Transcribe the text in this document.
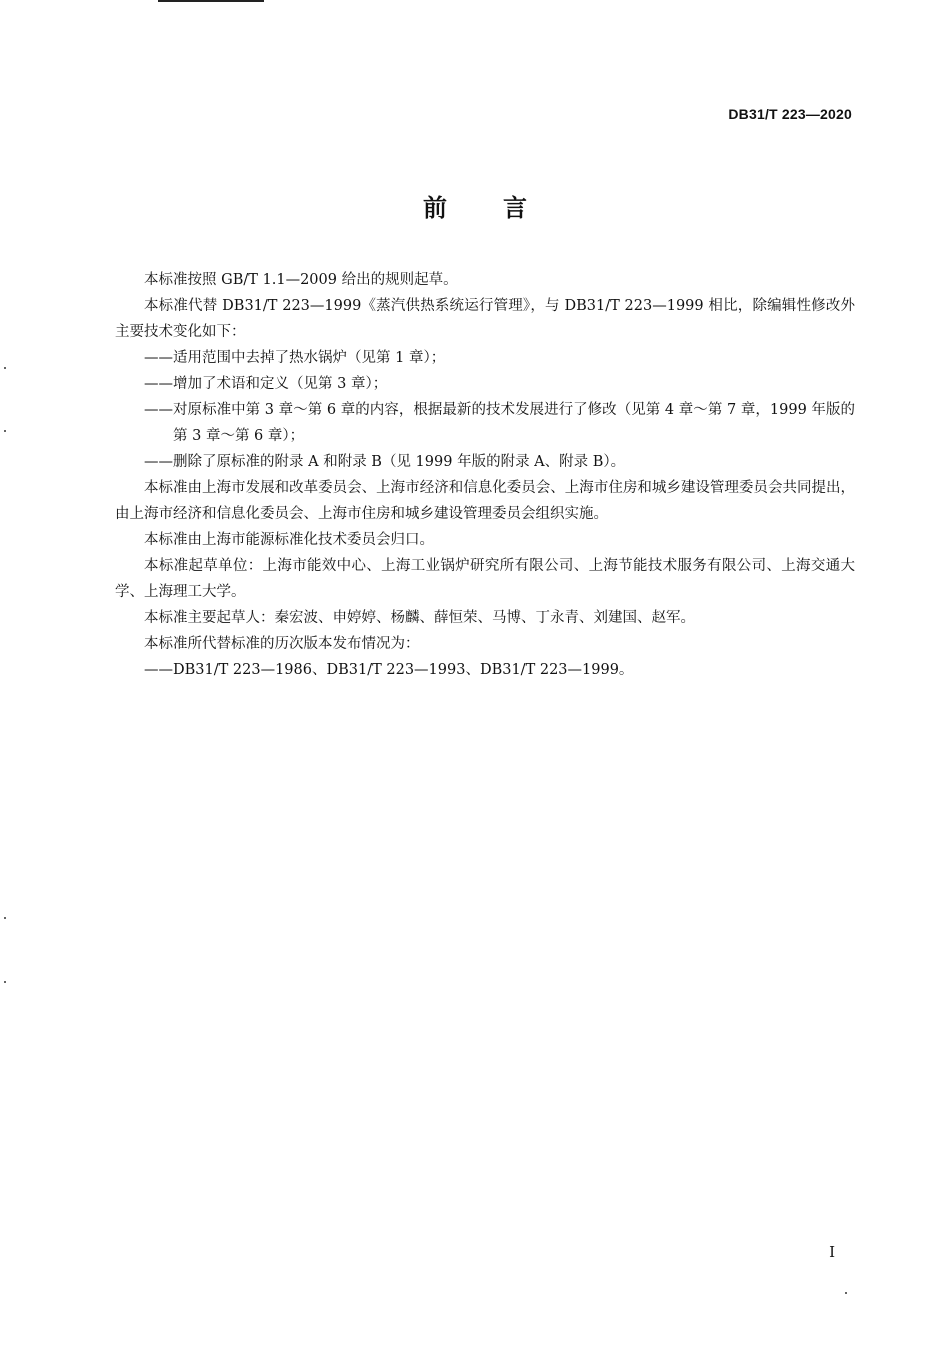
DB31/T 223—2020
前言

本标准按照 GB/T 1.1—2009 给出的规则起草。

本标准代替 DB31/T 223—1999《蒸汽供热系统运行管理》，与 DB31/T 223—1999 相比，除编辑性修改外主要技术变化如下：

——适用范围中去掉了热水锅炉（见第 1 章）；

——增加了术语和定义（见第 3 章）；

——对原标准中第 3 章～第 6 章的内容，根据最新的技术发展进行了修改（见第 4 章～第 7 章，1999 年版的第 3 章～第 6 章）；

——删除了原标准的附录 A 和附录 B（见 1999 年版的附录 A、附录 B）。

本标准由上海市发展和改革委员会、上海市经济和信息化委员会、上海市住房和城乡建设管理委员会共同提出，由上海市经济和信息化委员会、上海市住房和城乡建设管理委员会组织实施。

本标准由上海市能源标准化技术委员会归口。

本标准起草单位：上海市能效中心、上海工业锅炉研究所有限公司、上海节能技术服务有限公司、上海交通大学、上海理工大学。

本标准主要起草人：秦宏波、申婷婷、杨麟、薛恒荣、马博、丁永青、刘建国、赵军。

本标准所代替标准的历次版本发布情况为：

——DB31/T 223—1986、DB31/T 223—1993、DB31/T 223—1999。

I
